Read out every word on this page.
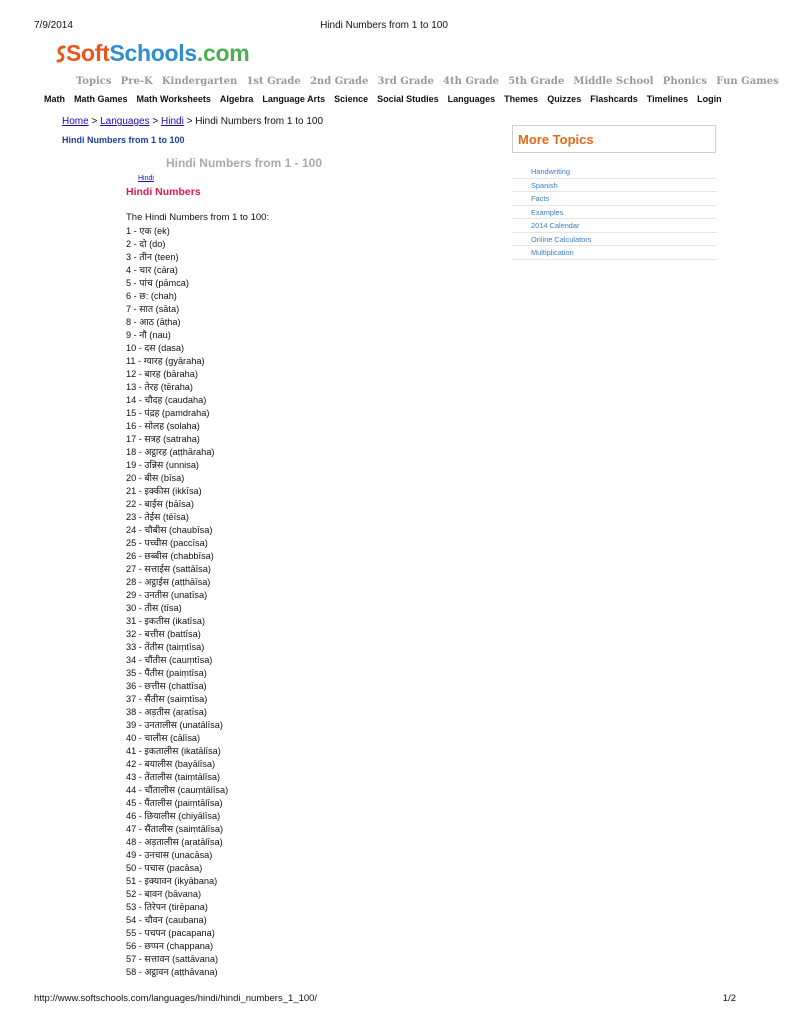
7/9/2014	Hindi Numbers from 1 to 100
SoftSchools.com
Topics Pre-K Kindergarten 1st Grade 2nd Grade 3rd Grade 4th Grade 5th Grade Middle School Phonics Fun Games
Math Math Games Math Worksheets Algebra Language Arts Science Social Studies Languages Themes Quizzes Flashcards Timelines Login
Home > Languages > Hindi > Hindi Numbers from 1 to 100
Hindi Numbers from 1 to 100
Hindi Numbers from 1 - 100
Hindi
Hindi Numbers
The Hindi Numbers from 1 to 100:
1 - एक (ek)
2 - दो (do)
3 - तीन (teen)
4 - चार (cāra)
5 - पांच (pāmca)
6 - छ: (chah)
7 - सात (sāta)
8 - आठ (āṭha)
9 - नौ (nau)
10 - दस (dasa)
11 - ग्यारह (gyāraha)
12 - बारह (bāraha)
13 - तेरह (tēraha)
14 - चौदह (caudaha)
15 - पंद्रह (pamdraha)
16 - सोलह (solaha)
17 - सत्रह (satraha)
18 - अट्ठारह (aṭṭhāraha)
19 - उन्निस (unnisa)
20 - बीस (bīsa)
21 - इक्कीस (ikkīsa)
22 - बाईस (bāīsa)
23 - तेईस (tēīsa)
24 - चौबीस (chaubīsa)
25 - पच्चीस (paccīsa)
26 - छब्बीस (chabbīsa)
27 - सत्ताईस (sattāīsa)
28 - अट्ठाईस (aṭṭhāīsa)
29 - उनतीस (unatīsa)
30 - तीस (tīsa)
31 - इकतीस (ikatīsa)
32 - बत्तीस (battīsa)
33 - तेंतीस (taiṃtīsa)
34 - चौंतीस (cauṃtīsa)
35 - पैंतीस (paiṃtīsa)
36 - छत्तीस (chattīsa)
37 - सैंतीस (saiṃtīsa)
38 - अड़तीस (aṛatīsa)
39 - उनतालीस (unatālīsa)
40 - चालीस (cālīsa)
41 - इकतालीस (ikatālīsa)
42 - बयालीस (bayālīsa)
43 - तेंतालीस (taiṃtālīsa)
44 - चौंतालीस (cauṃtālīsa)
45 - पैंतालीस (paiṃtālīsa)
46 - छियालीस (chiyālīsa)
47 - सैंतालीस (saiṃtālīsa)
48 - अड़तालीस (aṛatālīsa)
49 - उनचास (unacāsa)
50 - पचास (pacāsa)
51 - इक्यावन (ikyābana)
52 - बावन (bāvana)
53 - तिरेपन (tirēpana)
54 - चौवन (caubana)
55 - पचपन (pacapana)
56 - छप्पन (chappana)
57 - सत्तावन (sattāvana)
58 - अट्ठावन (aṭṭhāvana)
More Topics
Handwriting
Spanish
Facts
Examples
2014 Calendar
Online Calculators
Multiplication
http://www.softschools.com/languages/hindi/hindi_numbers_1_100/	1/2
